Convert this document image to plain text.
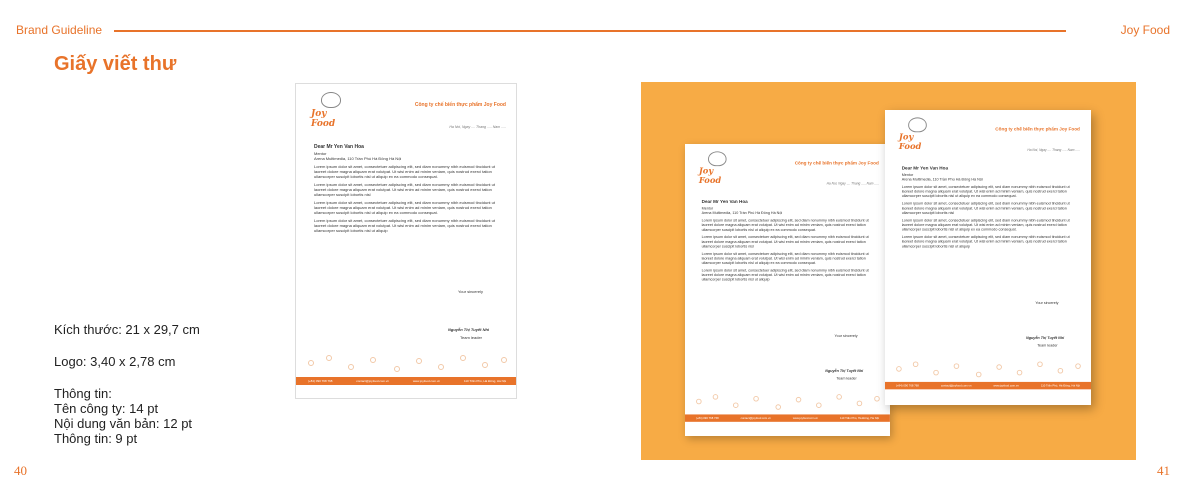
Brand Guideline	Joy Food
Giấy viết thư
Kích thước: 21 x 29,7 cm
Logo: 3,40 x 2,78 cm
Thông tin:
Tên công ty: 14 pt
Nội dung văn bản: 12 pt
Thông tin: 9 pt
Joy Food
Công ty chế biến thực phẩm Joy Food
Ha Noi, Ngay .... Thang ..... Nam .....
Dear Mr Yen Van Hoa
Mentor
Arena Multimedia, 110 Trần Phú Hà Đông Hà Nội

Lorem ipsum dolor sit amet, consectetuer adipiscing elit, sed diam nonummy nibh euismod tincidunt ut laoreet dolore magna aliquam erat volutpat. Ut wisi enim ad minim veniam, quis nostrud exerci tation ullamcorper suscipit lobortis nisl ut aliquip ex ea commodo consequat.

Lorem ipsum dolor sit amet, consectetuer adipiscing elit, sed diam nonummy nibh euismod tincidunt ut laoreet dolore magna aliquam erat volutpat. Ut wisi enim ad minim veniam, quis nostrud exerci tation ullamcorper suscipit lobortis nisl

Lorem ipsum dolor sit amet, consectetuer adipiscing elit, sed diam nonummy nibh euismod tincidunt ut laoreet dolore magna aliquam erat volutpat. Ut wisi enim ad minim veniam, quis nostrud exerci tation ullamcorper suscipit lobortis nisl ut aliquip ex ea commodo consequat.

Lorem ipsum dolor sit amet, consectetuer adipiscing elit, sed diam nonummy nibh euismod tincidunt ut laoreet dolore magna aliquam erat volutpat. Ut wisi enim ad minim veniam, quis nostrud exerci tation ullamcorper suscipit lobortis nisl ut aliquip

Your sincerely
Nguyễn Thị Tuyết Nhi
Team leader
(+84) 090 768 768	contact@joyfood.com.vn	www.joyfood.com.vn	110 Trần Phú, Hà Đông, Hà Nội
Joy Food
Công ty chế biến thực phẩm Joy Food
Ha Noi, Ngay .... Thang ..... Nam .....
Dear Mr Yen Van Hoa
Mentor
Arena Multimedia, 110 Trần Phú Hà Đông Hà Nội

Lorem ipsum dolor sit amet, consectetuer adipiscing elit, sed diam nonummy nibh euismod tincidunt ut laoreet dolore magna aliquam erat volutpat. Ut wisi enim ad minim veniam, quis nostrud exerci tation ullamcorper suscipit lobortis nisl ut aliquip ex ea commodo consequat.

Lorem ipsum dolor sit amet, consectetuer adipiscing elit, sed diam nonummy nibh euismod tincidunt ut laoreet dolore magna aliquam erat volutpat. Ut wisi enim ad minim veniam, quis nostrud exerci tation ullamcorper suscipit lobortis nisl

Lorem ipsum dolor sit amet, consectetuer adipiscing elit, sed diam nonummy nibh euismod tincidunt ut laoreet dolore magna aliquam erat volutpat. Ut wisi enim ad minim veniam, quis nostrud exerci tation ullamcorper suscipit lobortis nisl ut aliquip ex ea commodo consequat.

Lorem ipsum dolor sit amet, consectetuer adipiscing elit, sed diam nonummy nibh euismod tincidunt ut laoreet dolore magna aliquam erat volutpat. Ut wisi enim ad minim veniam, quis nostrud exerci tation ullamcorper suscipit lobortis nisl ut aliquip

Your sincerely
Nguyễn Thị Tuyết Nhi
Team leader
(+84) 090 768 768	contact@joyfood.com.vn	www.joyfood.com.vn	110 Trần Phú, Hà Đông, Hà Nội
Joy Food
Công ty chế biến thực phẩm Joy Food
Ha Noi, Ngay .... Thang ..... Nam .....
Dear Mr Yen Van Hoa
Mentor
Arena Multimedia, 110 Trần Phú Hà Đông Hà Nội

Lorem ipsum dolor sit amet, consectetuer adipiscing elit, sed diam nonummy nibh euismod tincidunt ut laoreet dolore magna aliquam erat volutpat. Ut wisi enim ad minim veniam, quis nostrud exerci tation ullamcorper suscipit lobortis nisl ut aliquip ex ea commodo consequat.

Lorem ipsum dolor sit amet, consectetuer adipiscing elit, sed diam nonummy nibh euismod tincidunt ut laoreet dolore magna aliquam erat volutpat. Ut wisi enim ad minim veniam, quis nostrud exerci tation ullamcorper suscipit lobortis nisl

Lorem ipsum dolor sit amet, consectetuer adipiscing elit, sed diam nonummy nibh euismod tincidunt ut laoreet dolore magna aliquam erat volutpat. Ut wisi enim ad minim veniam, quis nostrud exerci tation ullamcorper suscipit lobortis nisl ut aliquip ex ea commodo consequat.

Lorem ipsum dolor sit amet, consectetuer adipiscing elit, sed diam nonummy nibh euismod tincidunt ut laoreet dolore magna aliquam erat volutpat. Ut wisi enim ad minim veniam, quis nostrud exerci tation ullamcorper suscipit lobortis nisl ut aliquip

Your sincerely
Nguyễn Thị Tuyết Nhi
Team leader
(+84) 090 768 768	contact@joyfood.com.vn	www.joyfood.com.vn	110 Trần Phú, Hà Đông, Hà Nội
40	41
